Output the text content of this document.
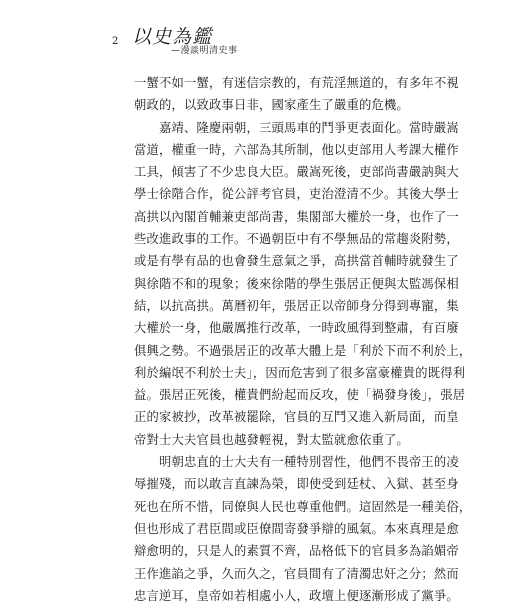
2 以史為鑑
—漫談明清史事
一蟹不如一蟹，有迷信宗教的，有荒淫無道的，有多年不視
朝政的，以致政事日非，國家產生了嚴重的危機。
嘉靖、隆慶兩朝，三頭馬車的鬥爭更表面化。當時嚴嵩
當道，權重一時，六部為其所制，他以吏部用人考課大權作
工具，傾害了不少忠良大臣。嚴嵩死後，吏部尚書嚴訥與大
學士徐階合作，從公評考官員，吏治澄清不少。其後大學士
高拱以內閣首輔兼吏部尚書，集閣部大權於一身，也作了一
些改進政事的工作。不過朝臣中有不學無品的常趨炎附勢，
或是有學有品的也會發生意氣之爭，高拱當首輔時就發生了
與徐階不和的現象；後來徐階的學生張居正便與太監馮保相
結，以抗高拱。萬曆初年，張居正以帝師身分得到專寵，集
大權於一身，他嚴厲推行改革，一時政風得到整肅，有百廢
俱興之勢。不過張居正的改革大體上是「利於下而不利於上，
利於編氓不利於士夫」，因而危害到了很多富豪權貴的既得利
益。張居正死後，權貴們紛起而反攻，使「禍發身後」，張居
正的家被抄，改革被罷除，官員的互鬥又進入新局面，而皇
帝對士大夫官員也越發輕視，對太監就愈依重了。
明朝忠直的士大夫有一種特別習性，他們不畏帝王的凌
辱摧殘，而以敢言直諫為榮，即使受到廷杖、入獄、甚至身
死也在所不惜，同僚與人民也尊重他們。這固然是一種美俗，
但也形成了君臣間或臣僚間寄發爭辯的風氣。本來真理是愈
辯愈明的，只是人的素質不齊，品格低下的官員多為諂媚帝
王作進諂之爭，久而久之，官員間有了清濁忠奸之分；然而
忠言逆耳，皇帝如若相處小人，政壇上便逐漸形成了黨爭。
